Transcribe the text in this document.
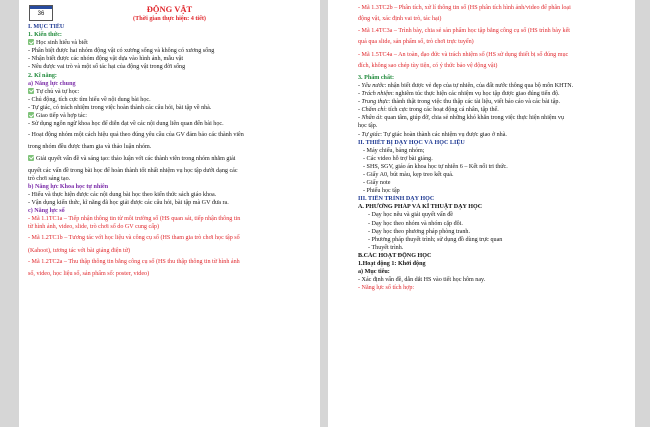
36	ĐỘNG VẬT
(Thời gian thực hiện: 4 tiết)
I. MỤC TIÊU
1. Kiến thức:
Học sinh hiểu và biết
- Phân biệt được hai nhóm động vật có xương sống và không có xương sống
- Nhận biết được các nhóm động vật dựa vào hình ảnh, mẫu vật
- Nêu được vai trò và một số tác hại của động vật trong đời sống
2. Kĩ năng:
a) Năng lực chung
Tự chủ và tự học:
- Chủ động, tích cực tìm hiểu về nội dung bài học.
- Tự giác, có trách nhiệm trong việc hoàn thành các câu hỏi, bài tập về nhà.
Giao tiếp và hợp tác:
- Sử dụng ngôn ngữ khoa học để diễn đạt về các nội dung liên quan đến bài học.
- Hoạt động nhóm một cách hiệu quả theo đúng yêu cầu của GV đảm bảo các thành viên
trong nhóm đều được tham gia và thảo luận nhóm.
Giải quyết vấn đề và sáng tạo: thảo luận với các thành viên trong nhóm nhằm giải
quyết các vấn đề trong bài học để hoàn thành tốt nhất nhiệm vụ học tập dưới dạng các
trò chơi sáng tạo.
b) Năng lực Khoa học tự nhiên
- Hiểu và thực hiện được các nội dung bài học theo kiến thức sách giáo khoa.
- Vận dụng kiến thức, kĩ năng đã học giải được các câu hỏi, bài tập mà GV đưa ra.
c) Năng lực số
- Mã 1.1TC1a – Tiếp nhận thông tin từ môi trường số (HS quan sát, tiếp nhận thông tin
từ hình ảnh, video, slide, trò chơi số do GV cung cấp)
- Mã 1.2TC1b – Tương tác với học liệu và công cụ số (HS tham gia trò chơi học tập số
(Kahoot), tương tác với bài giảng điện tử)
- Mã 1.2TC2a – Thu thập thông tin bằng công cụ số (HS thu thập thông tin từ hình ảnh
số, video, học liệu số, sản phẩm số: poster, video)
- Mã 1.3TC2b – Phân tích, xử lí thông tin số (HS phân tích hình ảnh/video để phân loại
động vật, xác định vai trò, tác hại)
- Mã 1.4TC3a – Trình bày, chia sẻ sản phẩm học tập bằng công cụ số (HS trình bày kết
quả qua slide, sản phẩm số, trò chơi trực tuyến)
- Mã 1.5TC4a – An toàn, đạo đức và trách nhiệm số (HS sử dụng thiết bị số đúng mục
đích, không sao chép tùy tiện, có ý thức bảo vệ động vật)
3. Phẩm chất:
- Yêu nước: nhận biết được vẻ đẹp của tự nhiên, của đất nước thông qua bộ môn KHTN.
- Trách nhiệm: nghiêm túc thực hiện các nhiệm vụ học tập được giao đúng tiến độ.
- Trung thực: thành thật trong việc thu thập các tài liệu, viết báo cáo và các bài tập.
- Chăm chỉ: tích cực trong các hoạt động cá nhân, tập thể.
- Nhân ái: quan tâm, giúp đỡ, chia sẻ những khó khăn trong việc thực hiện nhiệm vụ
học tập.
- Tự giác: Tự giác hoàn thành các nhiệm vụ được giao ở nhà.
II. THIẾT BỊ DẠY HỌC VÀ HỌC LIỆU
- Máy chiếu, bảng nhóm;
- Các video hỗ trợ bài giảng.
- SHS, SGV, giáo án khoa học tự nhiên 6 – Kết nối tri thức.
- Giấy A0, bút màu, kẹp treo kết quả.
- Giấy note
- Phiếu học tập
III. TIẾN TRÌNH DẠY HỌC
A. PHƯƠNG PHÁP VÀ KĨ THUẬT DẠY HỌC
- Dạy học nêu và giải quyết vấn đề
- Dạy học theo nhóm và nhóm cặp đôi.
- Dạy học theo phương pháp phòng tranh.
- Phương pháp thuyết trình; sử dụng đồ dùng trực quan
- Thuyết trình.
B.CÁC HOẠT ĐỘNG HỌC
1.Hoạt động 1: Khởi động
a) Mục tiêu:
- Xác định vấn đề, dẫn dắt HS vào tiết học hôm nay.
- Năng lực số tích hợp:
